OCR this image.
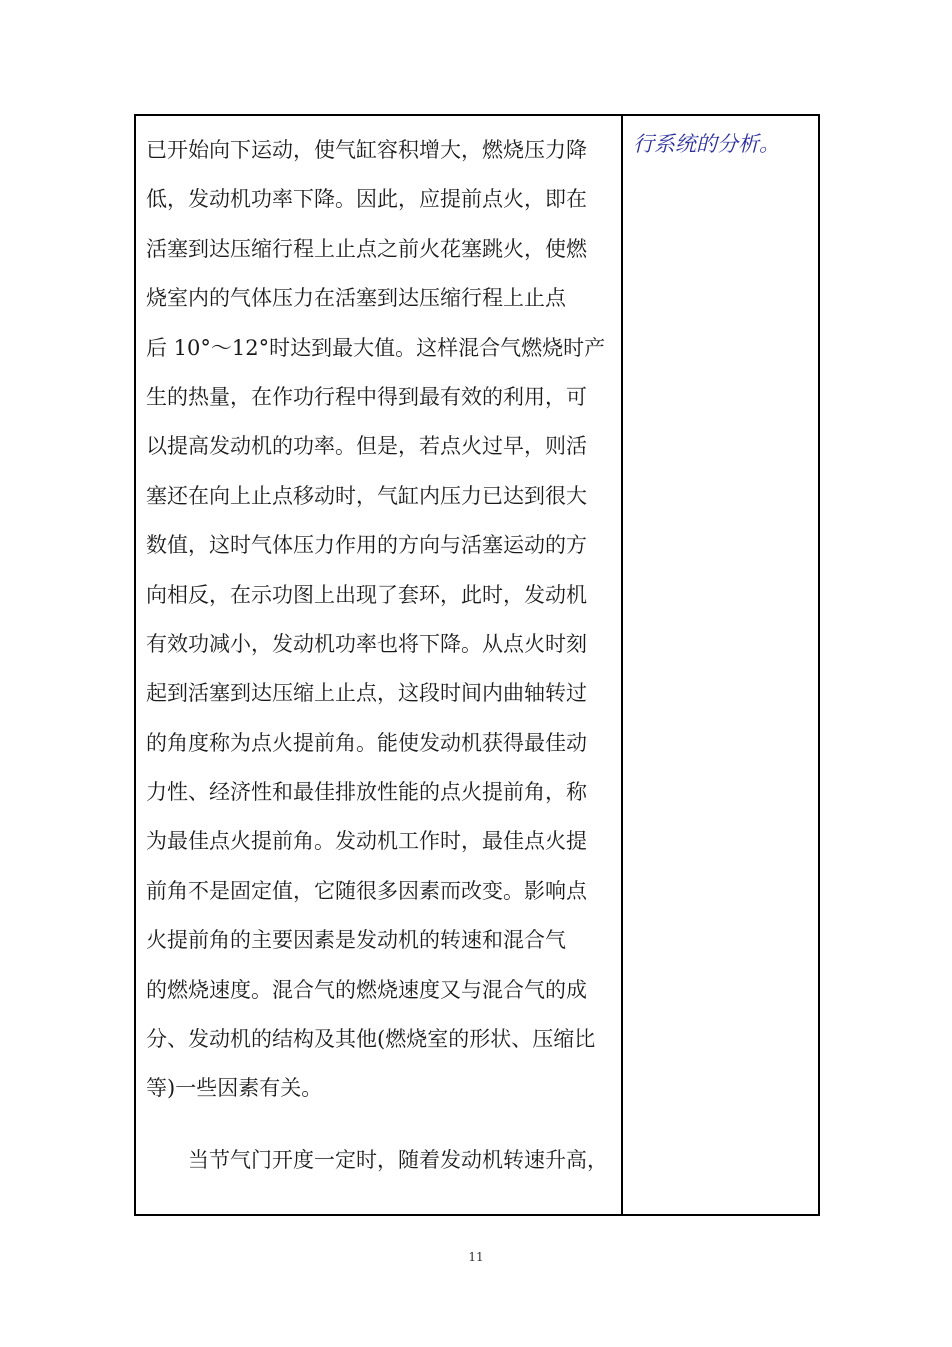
已开始向下运动，使气缸容积增大，燃烧压力降
低，发动机功率下降。因此，应提前点火，即在
活塞到达压缩行程上止点之前火花塞跳火，使燃
烧室内的气体压力在活塞到达压缩行程上止点
后 10°～12°时达到最大值。这样混合气燃烧时产
生的热量，在作功行程中得到最有效的利用，可
以提高发动机的功率。但是，若点火过早，则活
塞还在向上止点移动时，气缸内压力已达到很大
数值，这时气体压力作用的方向与活塞运动的方
向相反，在示功图上出现了套环，此时，发动机
有效功减小，发动机功率也将下降。从点火时刻
起到活塞到达压缩上止点，这段时间内曲轴转过
的角度称为点火提前角。能使发动机获得最佳动
力性、经济性和最佳排放性能的点火提前角，称
为最佳点火提前角。发动机工作时，最佳点火提
前角不是固定值，它随很多因素而改变。影响点
火提前角的主要因素是发动机的转速和混合气
的燃烧速度。混合气的燃烧速度又与混合气的成
分、发动机的结构及其他(燃烧室的形状、压缩比
等)一些因素有关。
当节气门开度一定时，随着发动机转速升高，
行系统的分析。
11
